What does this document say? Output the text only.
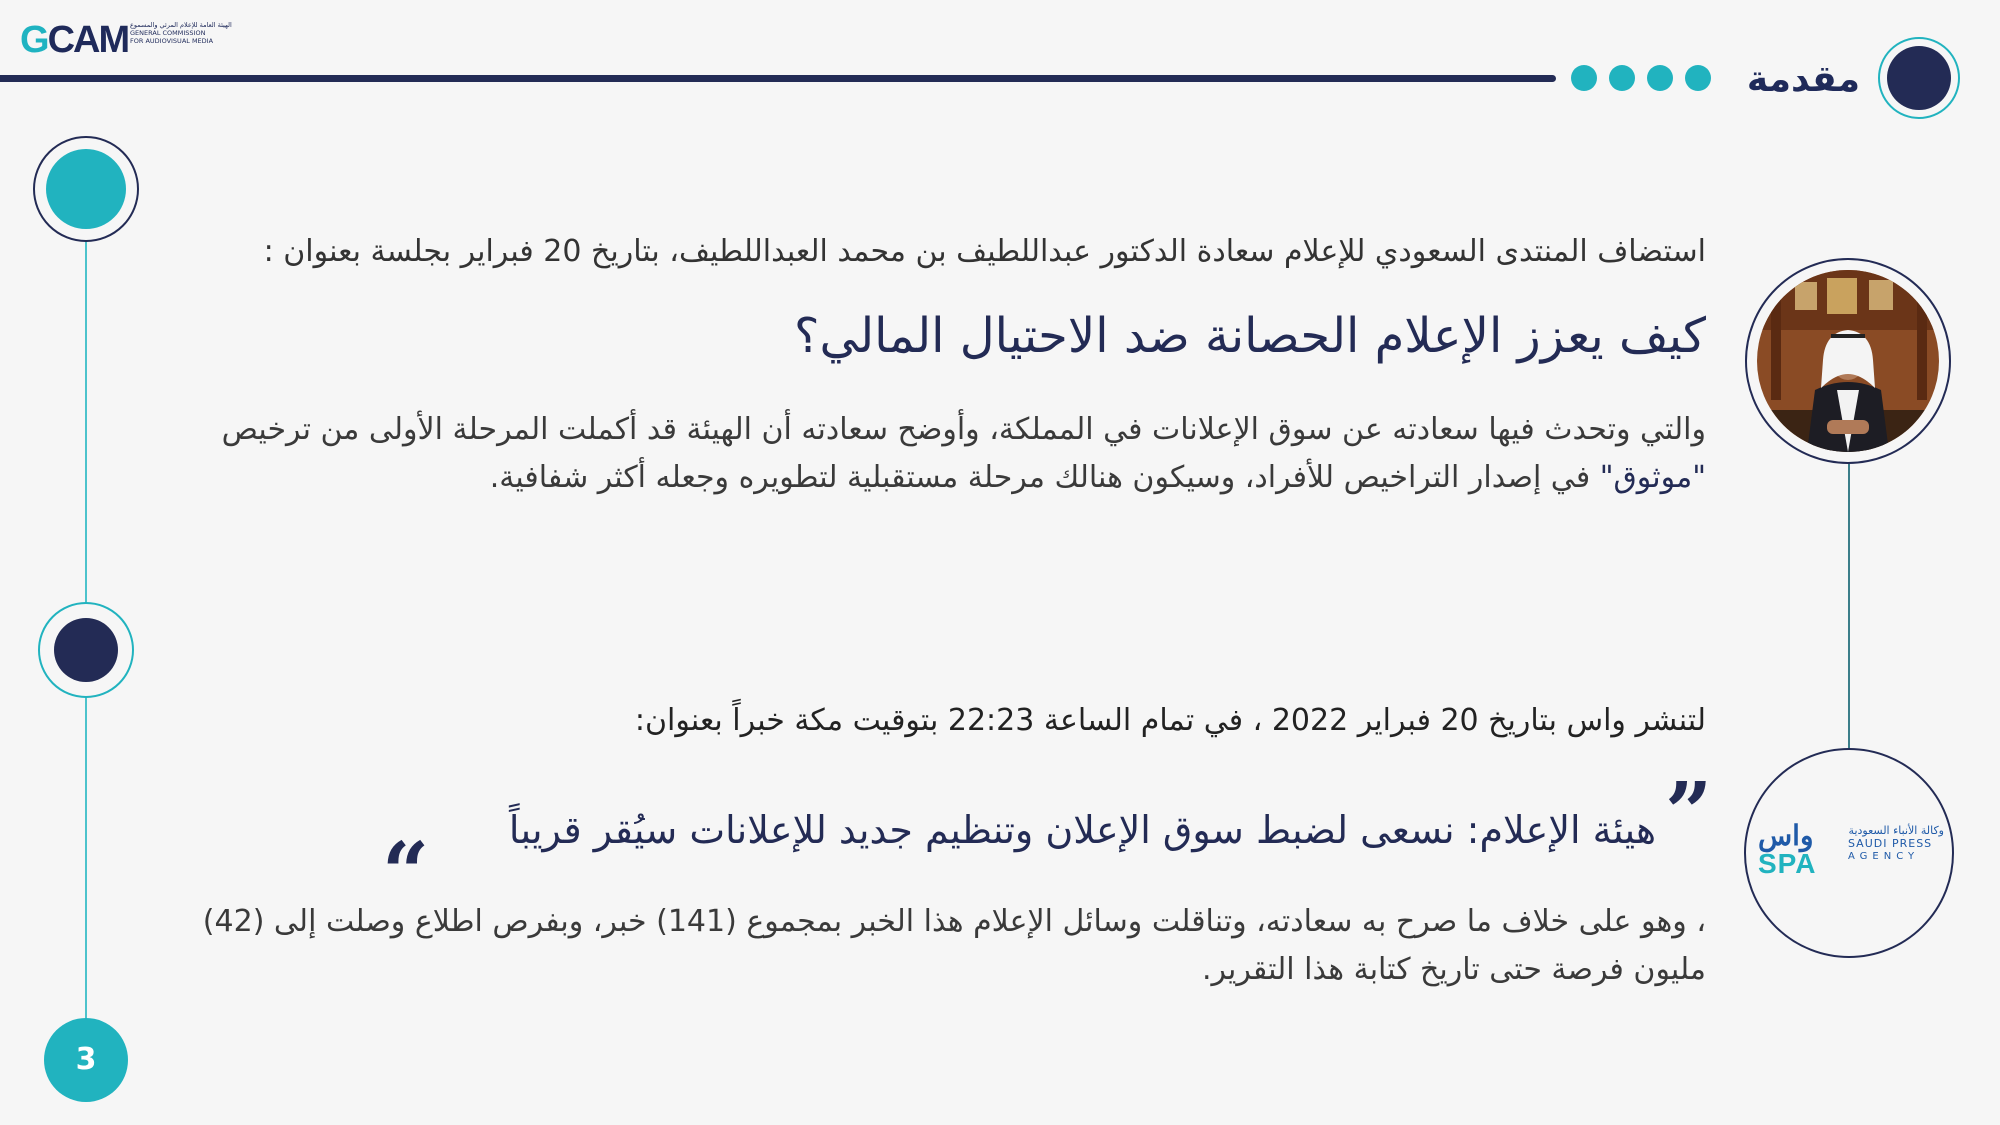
GCAM الهيئة العامة للإعلام المرئي والمسموع
GENERAL COMMISSION
FOR AUDIOVISUAL MEDIA
مقدمة
3
واس
SPA
وكالة الأنباء السعودية
SAUDI PRESS
AGENCY
استضاف المنتدى السعودي للإعلام سعادة الدكتور عبداللطيف بن محمد العبداللطيف، بتاريخ 20 فبراير بجلسة بعنوان :
كيف يعزز الإعلام الحصانة ضد الاحتيال المالي؟
والتي وتحدث فيها سعادته عن سوق الإعلانات في المملكة، وأوضح سعادته أن الهيئة قد أكملت المرحلة الأولى من ترخيص "موثوق" في إصدار التراخيص للأفراد، وسيكون هنالك مرحلة مستقبلية لتطويره وجعله أكثر شفافية.
لتنشر واس بتاريخ 20 فبراير 2022 ، في تمام الساعة 22:23 بتوقيت مكة خبراً بعنوان:
”
هيئة الإعلام: نسعى لضبط سوق الإعلان وتنظيم جديد للإعلانات سيُقر قريباً
“
، وهو على خلاف ما صرح به سعادته، وتناقلت وسائل الإعلام هذا الخبر بمجموع (141) خبر، وبفرص اطلاع وصلت إلى (42) مليون فرصة حتى تاريخ كتابة هذا التقرير.
